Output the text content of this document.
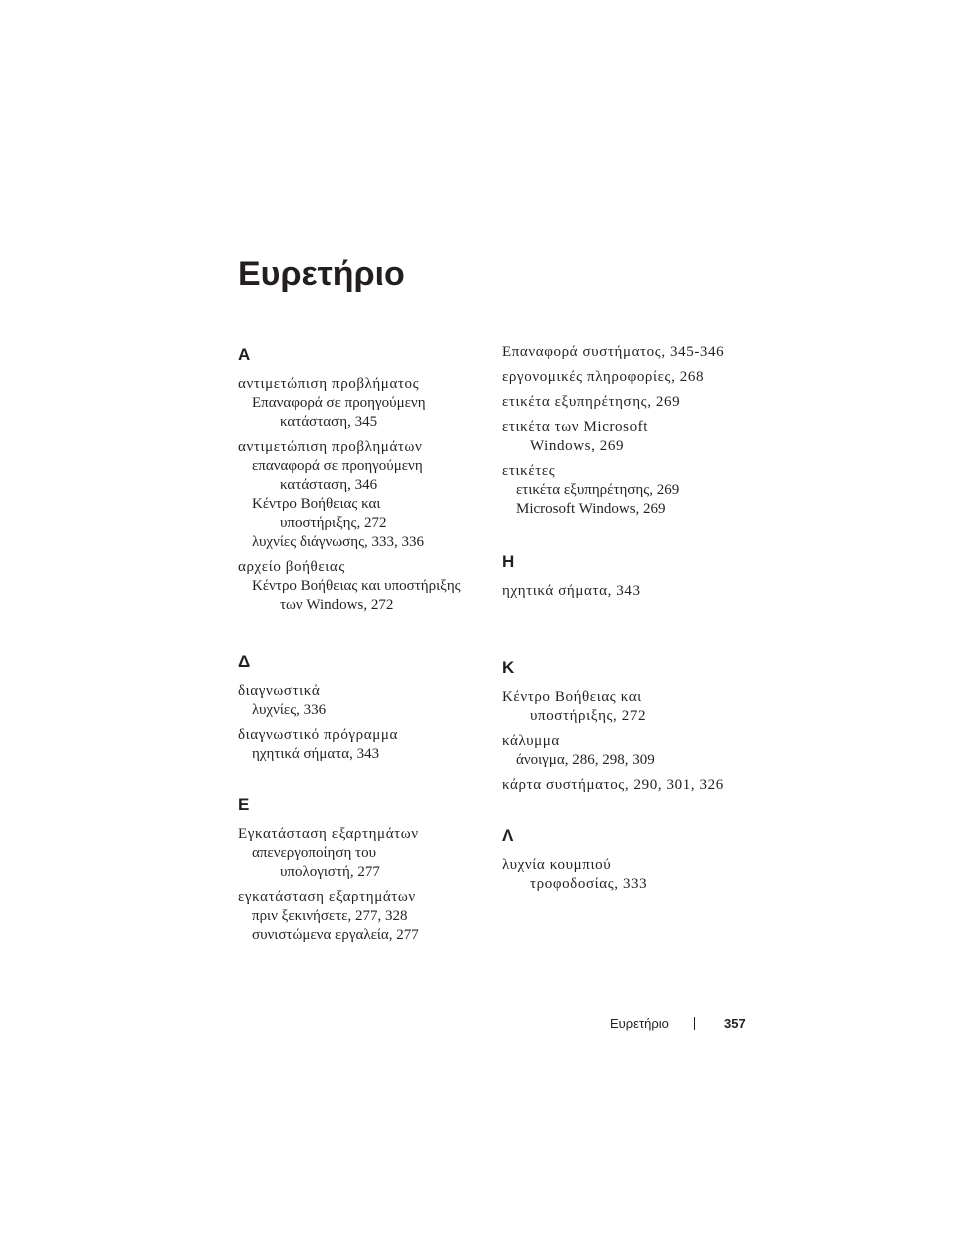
Ευρετήριο
A
αντιμετώπιση προβλήματος
Επαναφορά σε προηγούμενη
κατάσταση, 345
αντιμετώπιση προβλημάτων
επαναφορά σε προηγούμενη
κατάσταση, 346
Κέντρο Βοήθειας και
υποστήριξης, 272
λυχνίες διάγνωσης, 333, 336
αρχείο βοήθειας
Κέντρο Βοήθειας και υποστήριξης
των Windows, 272
Δ
διαγνωστικά
λυχνίες, 336
διαγνωστικό πρόγραμμα
ηχητικά σήματα, 343
E
Εγκατάσταση εξαρτημάτων
απενεργοποίηση του
υπολογιστή, 277
εγκατάσταση εξαρτημάτων
πριν ξεκινήσετε, 277, 328
συνιστώμενα εργαλεία, 277
Επαναφορά συστήματος, 345-346
εργονομικές πληροφορίες, 268
ετικέτα εξυπηρέτησης, 269
ετικέτα των Microsoft
Windows, 269
ετικέτες
ετικέτα εξυπηρέτησης, 269
Microsoft Windows, 269
H
ηχητικά σήματα, 343
K
Κέντρο Βοήθειας και
υποστήριξης, 272
κάλυμμα
άνοιγμα, 286, 298, 309
κάρτα συστήματος, 290, 301, 326
Λ
λυχνία κουμπιού
τροφοδοσίας, 333
Ευρετήριο	357
